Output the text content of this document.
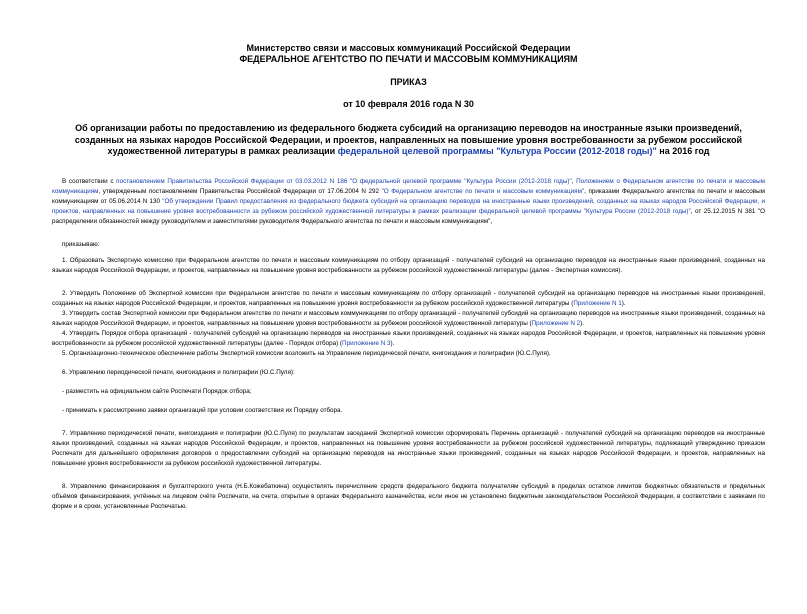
Министерство связи и массовых коммуникаций Российской Федерации
ФЕДЕРАЛЬНОЕ АГЕНТСТВО ПО ПЕЧАТИ И МАССОВЫМ КОММУНИКАЦИЯМ
ПРИКАЗ
от 10 февраля 2016 года N 30
Об организации работы по предоставлению из федерального бюджета субсидий на организацию переводов на иностранные языки произведений, созданных на языках народов Российской Федерации, и проектов, направленных на повышение уровня востребованности за рубежом российской художественной литературы в рамках реализации федеральной целевой программы "Культура России (2012-2018 годы)" на 2016 год

В соответствии с постановлением Правительства Российской Федерации от 03.03.2012 N 186 "О федеральной целевой программе "Культура России (2012-2018 годы)", Положением о Федеральном агентстве по печати и массовым коммуникациям, утвержденным постановлением Правительства Российской Федерации от 17.06.2004 N 292 "О Федеральном агентстве по печати и массовым коммуникациям", приказами Федерального агентства по печати и массовым коммуникациям от 05.06.2014 N 130 "Об утверждении Правил предоставления из федерального бюджета субсидий на организацию переводов на иностранные языки произведений, созданных на языках народов Российской Федерации, и проектов, направленных на повышение уровня востребованности за рубежом российской художественной литературы в рамках реализации федеральной целевой программы "Культура России (2012-2018 годы)", от 25.12.2015 N 381 "О распределении обязанностей между руководителем и заместителями руководителя Федерального агентства по печати и массовым коммуникациям",

приказываю:

1. Образовать Экспертную комиссию при Федеральном агентстве по печати и массовым коммуникациям по отбору организаций - получателей субсидий на организацию переводов на иностранные языки произведений, созданных на языках народов Российской Федерации, и проектов, направленных на повышение уровня востребованности за рубежом российской художественной литературы (далее - Экспертная комиссия).

2. Утвердить Положение об Экспертной комиссии при Федеральном агентстве по печати и массовым коммуникациям по отбору организаций - получателей субсидий на организацию переводов на иностранные языки произведений, созданных на языках народов Российской Федерации, и проектов, направленных на повышение уровня востребованности за рубежом российской художественной литературы (Приложение N 1).

3. Утвердить состав Экспертной комиссии при Федеральном агентстве по печати и массовым коммуникациям по отбору организаций - получателей субсидий на организацию переводов на иностранные языки произведений, созданных на языках народов Российской Федерации, и проектов, направленных на повышение уровня востребованности за рубежом российской художественной литературы (Приложение N 2).

4. Утвердить Порядок отбора организаций - получателей субсидий на организацию переводов на иностранные языки произведений, созданных на языках народов Российской Федерации, и проектов, направленных на повышение уровня востребованности за рубежом российской художественной литературы (далее - Порядок отбора) (Приложение N 3).

5. Организационно-техническое обеспечение работы Экспертной комиссии возложить на Управление периодической печати, книгоиздания и полиграфии (Ю.С.Пуля).

6. Управлению периодической печати, книгоиздания и полиграфии (Ю.С.Пуля):

- разместить на официальном сайте Роспечати Порядок отбора;

- принимать к рассмотрению заявки организаций при условии соответствия их Порядку отбора.

7. Управлению периодической печати, книгоиздания и полиграфии (Ю.С.Пуля) по результатам заседаний Экспертной комиссии сформировать Перечень организаций - получателей субсидий на организацию переводов на иностранные языки произведений, созданных на языках народов Российской Федерации, и проектов, направленных на повышение уровня востребованности за рубежом российской художественной литературы, подлежащий утверждению приказом Роспечати для дальнейшего оформления договоров о предоставлении субсидий на организацию переводов на иностранные языки произведений, созданных на языках народов Российской Федерации, и проектов, направленных на повышение уровня востребованности за рубежом российской художественной литературы.

8. Управлению финансирования и бухгалтерского учета (Н.Б.Кожебаткина) осуществлять перечисление средств федерального бюджета получателям субсидий в пределах остатков лимитов бюджетных обязательств и предельных объёмов финансирования, учтённых на лицевом счёте Роспечати, на счета, открытые в органах Федерального казначейства, если иное не установлено бюджетным законодательством Российской Федерации, в соответствии с заявками по форме и в сроки, установленные Роспечатью.
